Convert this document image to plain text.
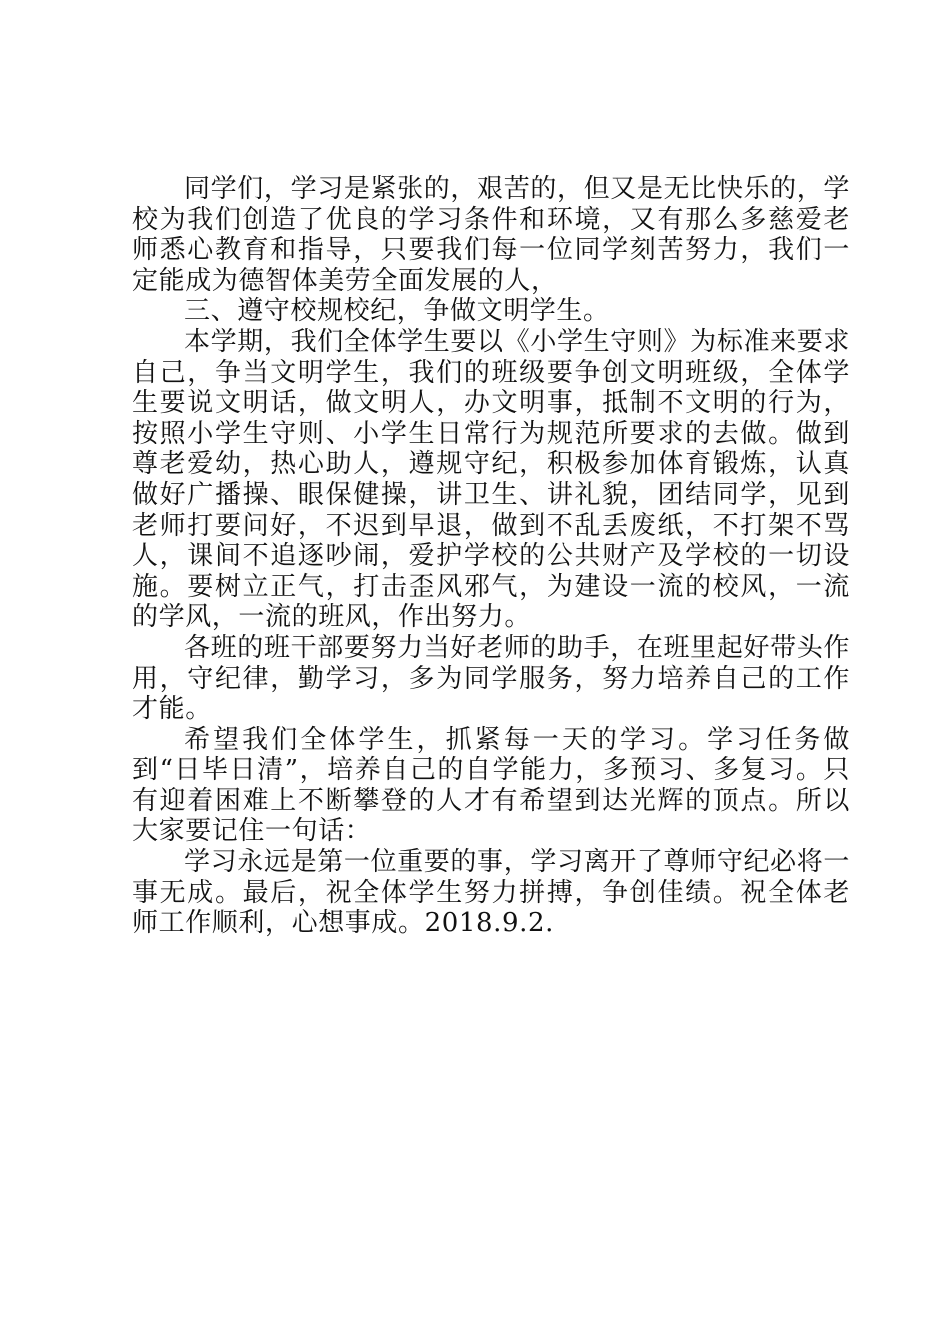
同学们，学习是紧张的，艰苦的，但又是无比快乐的，学校为我们创造了优良的学习条件和环境，又有那么多慈爱老师悉心教育和指导，只要我们每一位同学刻苦努力，我们一定能成为德智体美劳全面发展的人，

三、遵守校规校纪，争做文明学生。

本学期，我们全体学生要以《小学生守则》为标准来要求自己，争当文明学生，我们的班级要争创文明班级，全体学生要说文明话，做文明人，办文明事，抵制不文明的行为，按照小学生守则、小学生日常行为规范所要求的去做。做到尊老爱幼，热心助人，遵规守纪，积极参加体育锻炼，认真做好广播操、眼保健操，讲卫生、讲礼貌，团结同学，见到老师打要问好，不迟到早退，做到不乱丢废纸，不打架不骂人，课间不追逐吵闹，爱护学校的公共财产及学校的一切设施。要树立正气，打击歪风邪气，为建设一流的校风，一流的学风，一流的班风，作出努力。

各班的班干部要努力当好老师的助手，在班里起好带头作用，守纪律，勤学习，多为同学服务，努力培养自己的工作才能。

希望我们全体学生，抓紧每一天的学习。学习任务做到“日毕日清”，培养自己的自学能力，多预习、多复习。只有迎着困难上不断攀登的人才有希望到达光辉的顶点。所以大家要记住一句话：

学习永远是第一位重要的事，学习离开了尊师守纪必将一事无成。最后，祝全体学生努力拼搏，争创佳绩。祝全体老师工作顺利，心想事成。2018.9.2.
